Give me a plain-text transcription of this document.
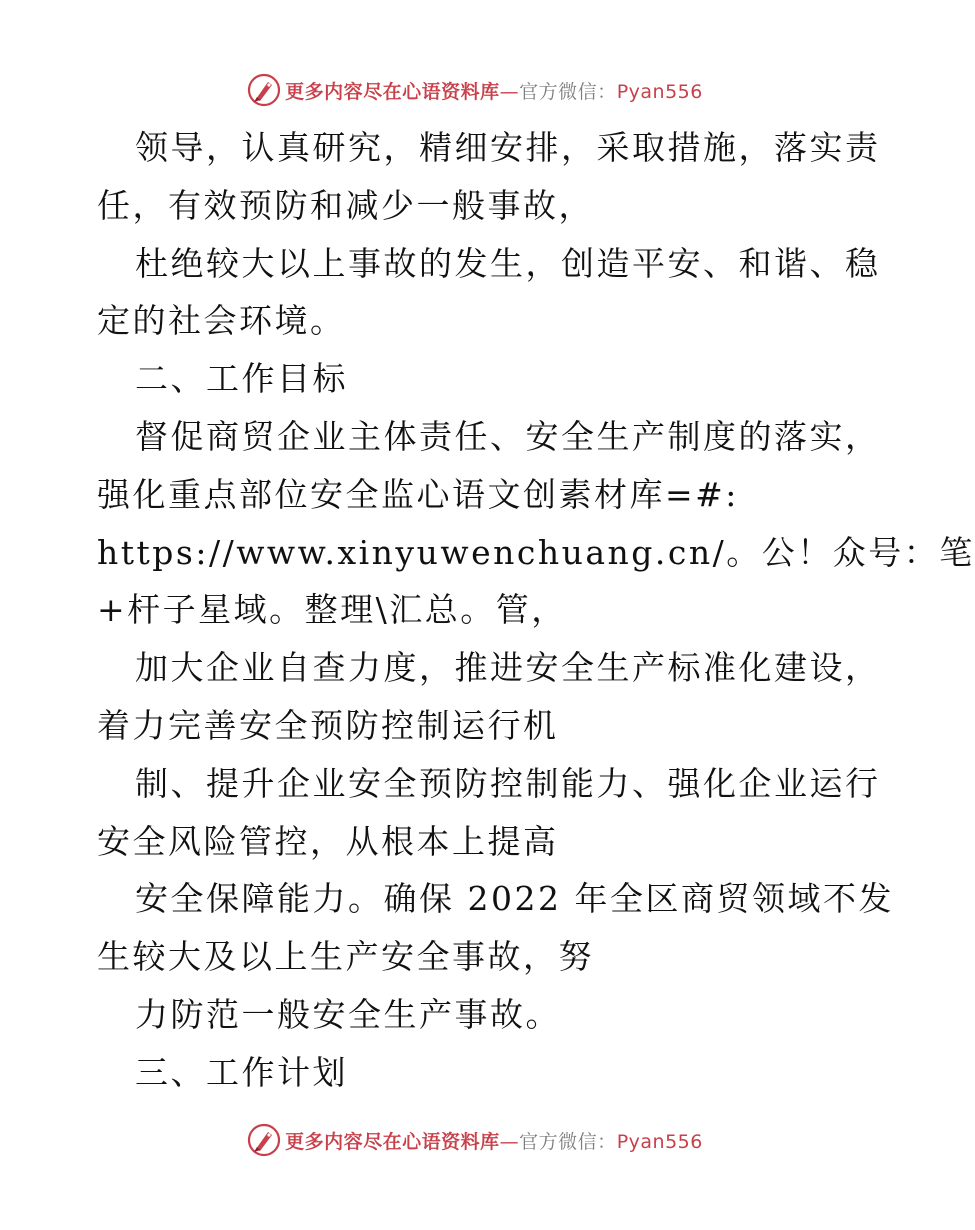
更多内容尽在心语资料库—官方微信：Pyan556

领导，认真研究，精细安排，采取措施，落实责

任，有效预防和减少一般事故，

杜绝较大以上事故的发生，创造平安、和谐、稳

定的社会环境。

二、工作目标

督促商贸企业主体责任、安全生产制度的落实，

强化重点部位安全监心语文创素材库=#:

https://www.xinyuwenchuang.cn/。公！众号：笔

+杆子星域。整理\汇总。管，

加大企业自查力度，推进安全生产标准化建设，

着力完善安全预防控制运行机

制、提升企业安全预防控制能力、强化企业运行

安全风险管控，从根本上提高

安全保障能力。确保 2022 年全区商贸领域不发

生较大及以上生产安全事故，努

力防范一般安全生产事故。

三、工作计划

更多内容尽在心语资料库—官方微信：Pyan556
